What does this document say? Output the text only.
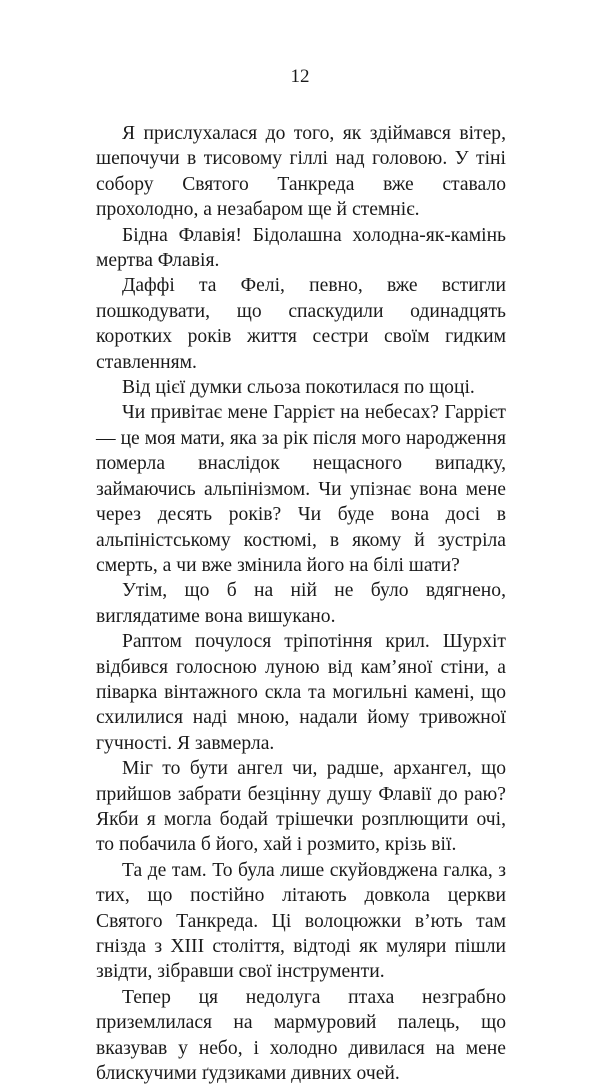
12

Я прислухалася до того, як здіймався вітер, шепочучи в тисовому гіллі над головою. У тіні собору Святого Танкреда вже ставало прохолодно, а незабаром ще й стемніє.

Бідна Флавія! Бідолашна холодна-як-камінь мертва Флавія.

Даффі та Фелі, певно, вже встигли пошкодувати, що спаскудили одинадцять коротких років життя сестри своїм гидким ставленням.

Від цієї думки сльоза покотилася по щоці.

Чи привітає мене Гаррієт на небесах? Гаррієт — це моя мати, яка за рік після мого народження померла внаслідок нещасного випадку, займаючись альпінізмом. Чи упізнає вона мене через десять років? Чи буде вона досі в альпіністському костюмі, в якому й зустріла смерть, а чи вже змінила його на білі шати?

Утім, що б на ній не було вдягнено, виглядатиме вона вишукано.

Раптом почулося тріпотіння крил. Шурхіт відбився голосною луною від кам’яної стіни, а піварка вінтажного скла та могильні камені, що схилилися наді мною, надали йому тривожної гучності. Я завмерла.

Міг то бути ангел чи, радше, архангел, що прийшов забрати безцінну душу Флавії до раю? Якби я могла бодай трішечки розплющити очі, то побачила б його, хай і розмито, крізь вії.

Та де там. То була лише скуйовджена галка, з тих, що постійно літають довкола церкви Святого Танкреда. Ці волоцюжки в’ють там гнізда з XIII століття, відтоді як муляри пішли звідти, зібравши свої інструменти.

Тепер ця недолуга птаха незграбно приземлилася на мармуровий палець, що вказував у небо, і холодно дивилася на мене блискучими ґудзиками дивних очей.
